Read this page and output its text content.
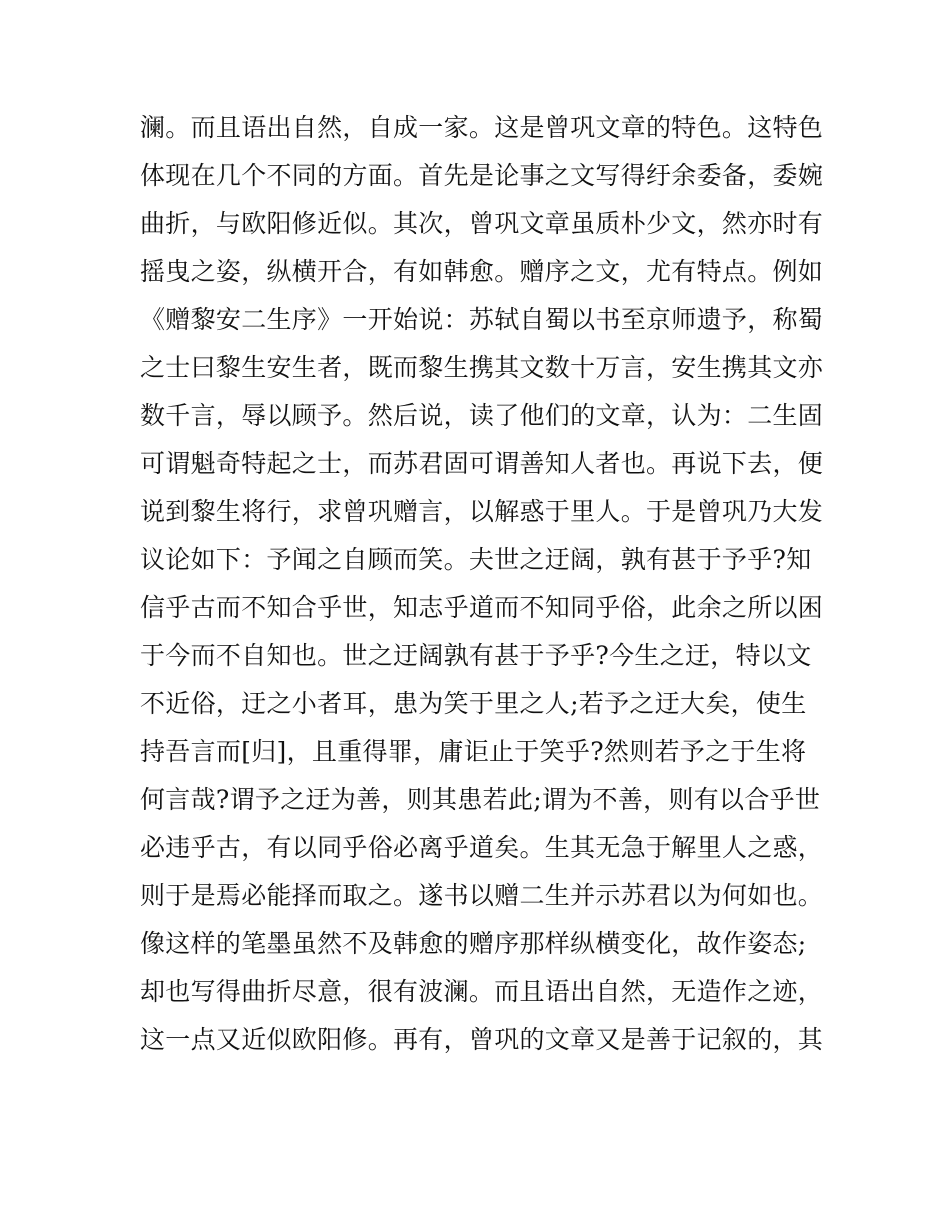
澜。而且语出自然，自成一家。这是曾巩文章的特色。这特色
体现在几个不同的方面。首先是论事之文写得纡余委备，委婉
曲折，与欧阳修近似。其次，曾巩文章虽质朴少文，然亦时有
摇曳之姿，纵横开合，有如韩愈。赠序之文，尤有特点。例如
《赠黎安二生序》一开始说：苏轼自蜀以书至京师遗予，称蜀
之士曰黎生安生者，既而黎生携其文数十万言，安生携其文亦
数千言，辱以顾予。然后说，读了他们的文章，认为：二生固
可谓魁奇特起之士，而苏君固可谓善知人者也。再说下去，便
说到黎生将行，求曾巩赠言，以解惑于里人。于是曾巩乃大发
议论如下：予闻之自顾而笑。夫世之迂阔，孰有甚于予乎?知
信乎古而不知合乎世，知志乎道而不知同乎俗，此余之所以困
于今而不自知也。世之迂阔孰有甚于予乎?今生之迂，特以文
不近俗，迂之小者耳，患为笑于里之人;若予之迂大矣，使生
持吾言而[归]，且重得罪，庸讵止于笑乎?然则若予之于生将
何言哉?谓予之迂为善，则其患若此;谓为不善，则有以合乎世
必违乎古，有以同乎俗必离乎道矣。生其无急于解里人之惑，
则于是焉必能择而取之。遂书以赠二生并示苏君以为何如也。
像这样的笔墨虽然不及韩愈的赠序那样纵横变化，故作姿态;
却也写得曲折尽意，很有波澜。而且语出自然，无造作之迹，
这一点又近似欧阳修。再有，曾巩的文章又是善于记叙的，其
